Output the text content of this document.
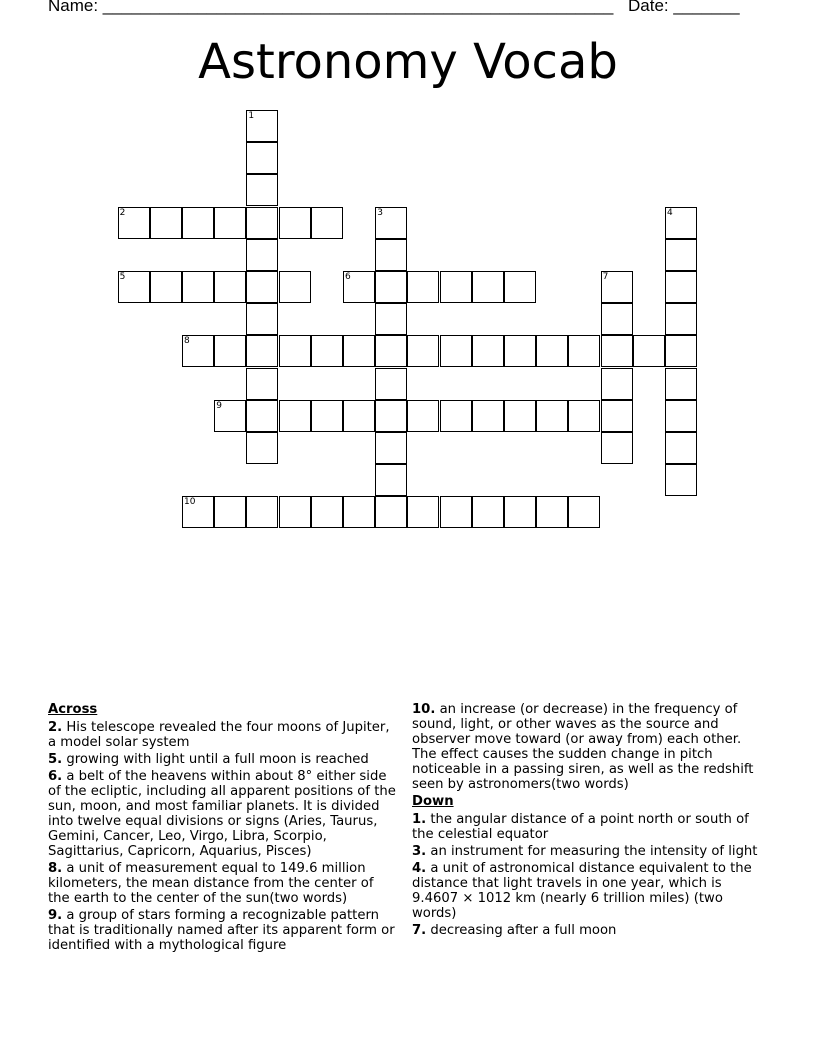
Name: ______________________________________________________ Date: _______
Astronomy Vocab
2
5	6
8
9
10
1
3	4
7
Across
2. His telescope revealed the four moons of Jupiter, a model solar system
5. growing with light until a full moon is reached
6. a belt of the heavens within about 8° either side of the ecliptic, including all apparent positions of the sun, moon, and most familiar planets. It is divided into twelve equal divisions or signs (Aries, Taurus, Gemini, Cancer, Leo, Virgo, Libra, Scorpio, Sagittarius, Capricorn, Aquarius, Pisces)
8. a unit of measurement equal to 149.6 million kilometers, the mean distance from the center of the earth to the center of the sun(two words)
9. a group of stars forming a recognizable pattern that is traditionally named after its apparent form or identified with a mythological figure
10. an increase (or decrease) in the frequency of sound, light, or other waves as the source and observer move toward (or away from) each other. The effect causes the sudden change in pitch noticeable in a passing siren, as well as the redshift seen by astronomers(two words)
Down
1. the angular distance of a point north or south of the celestial equator
3. an instrument for measuring the intensity of light
4. a unit of astronomical distance equivalent to the distance that light travels in one year, which is 9.4607 × 1012 km (nearly 6 trillion miles) (two words)
7. decreasing after a full moon
